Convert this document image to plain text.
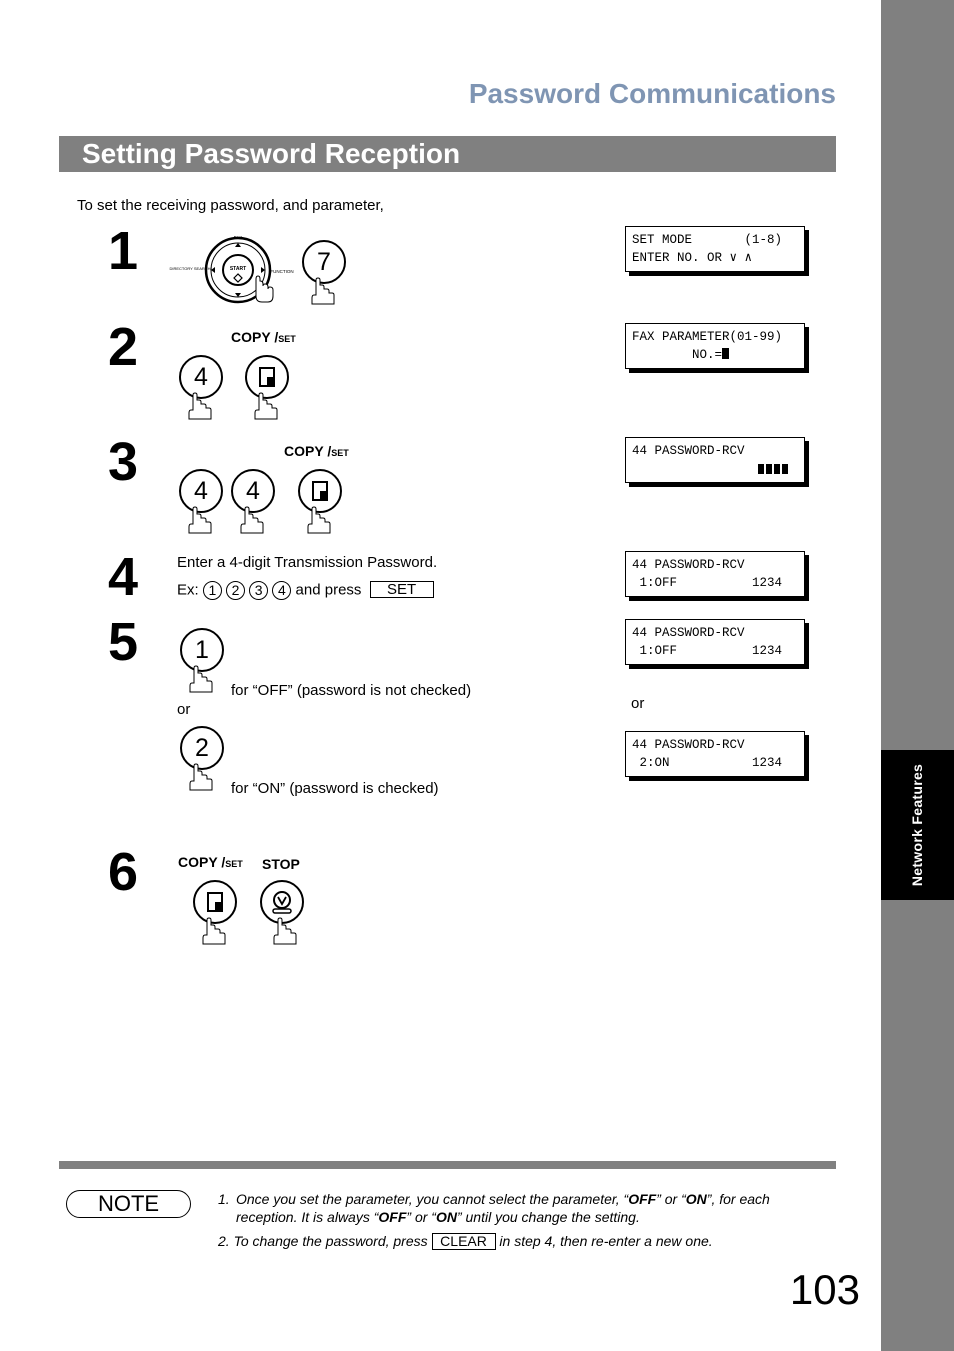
Network Features
Password Communications
Setting Password Reception
To set the receiving password, and parameter,
1	START
FAX
DIRECTORY SEARCH
FUNCTION 7
SET MODE       (1-8)
ENTER NO. OR ∨ ∧
2	COPY /SET
4
FAX PARAMETER(01-99)
NO.=
3	COPY /SET
4	4
44 PASSWORD-RCV
4	Enter a 4-digit Transmission Password.
Ex: 1 2 3 4 and press SET
44 PASSWORD-RCV
1:OFF          1234
5	1
for “OFF” (password is not checked)
or
2
for “ON” (password is checked)
44 PASSWORD-RCV
1:OFF          1234
or
44 PASSWORD-RCV
2:ON           1234
6	COPY /SET STOP
NOTE	1. Once you set the parameter, you cannot select the parameter, “OFF” or “ON”, for each reception. It is always “OFF” or “ON” until you change the setting.
2. To change the password, press CLEAR in step 4, then re-enter a new one.
103
